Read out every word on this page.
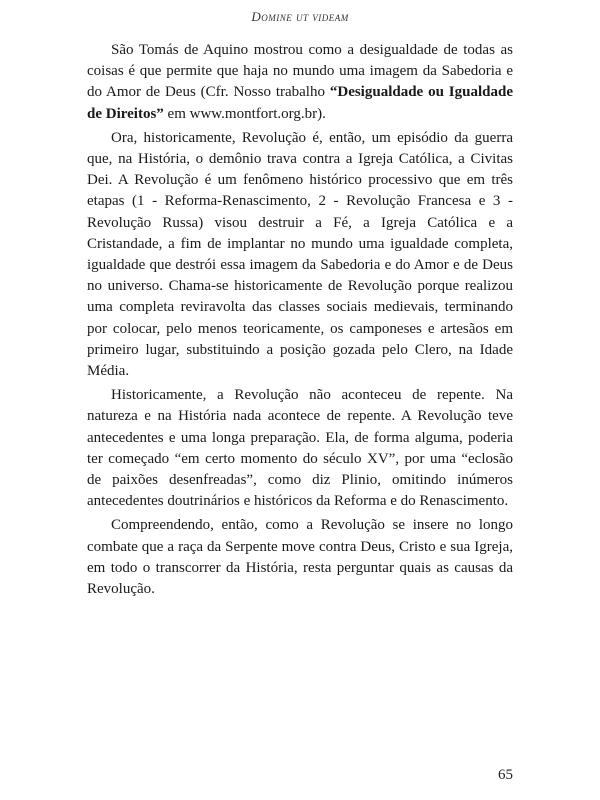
Domine ut videam

São Tomás de Aquino mostrou como a desigualdade de todas as coisas é que permite que haja no mundo uma imagem da Sabedoria e do Amor de Deus (Cfr. Nosso trabalho “Desigualdade ou Igualdade de Direitos” em www.montfort.org.br).

Ora, historicamente, Revolução é, então, um episódio da guerra que, na História, o demônio trava contra a Igreja Católica, a Civitas Dei. A Revolução é um fenômeno histórico processivo que em três etapas (1 - Reforma-Renascimento, 2 - Revolução Francesa e 3 - Revolução Russa) visou destruir a Fé, a Igreja Católica e a Cristandade, a fim de implantar no mundo uma igualdade completa, igualdade que destrói essa imagem da Sabedoria e do Amor e de Deus no universo. Chama-se historicamente de Revolução porque realizou uma completa reviravolta das classes sociais medievais, terminando por colocar, pelo menos teoricamente, os camponeses e artesãos em primeiro lugar, substituindo a posição gozada pelo Clero, na Idade Média.

Historicamente, a Revolução não aconteceu de repente. Na natureza e na História nada acontece de repente. A Revolução teve antecedentes e uma longa preparação. Ela, de forma alguma, poderia ter começado “em certo momento do século XV”, por uma “eclosão de paixões desenfreadas”, como diz Plinio, omitindo inúmeros antecedentes doutrinários e históricos da Reforma e do Renascimento.

Compreendendo, então, como a Revolução se insere no longo combate que a raça da Serpente move contra Deus, Cristo e sua Igreja, em todo o transcorrer da História, resta perguntar quais as causas da Revolução.

65
